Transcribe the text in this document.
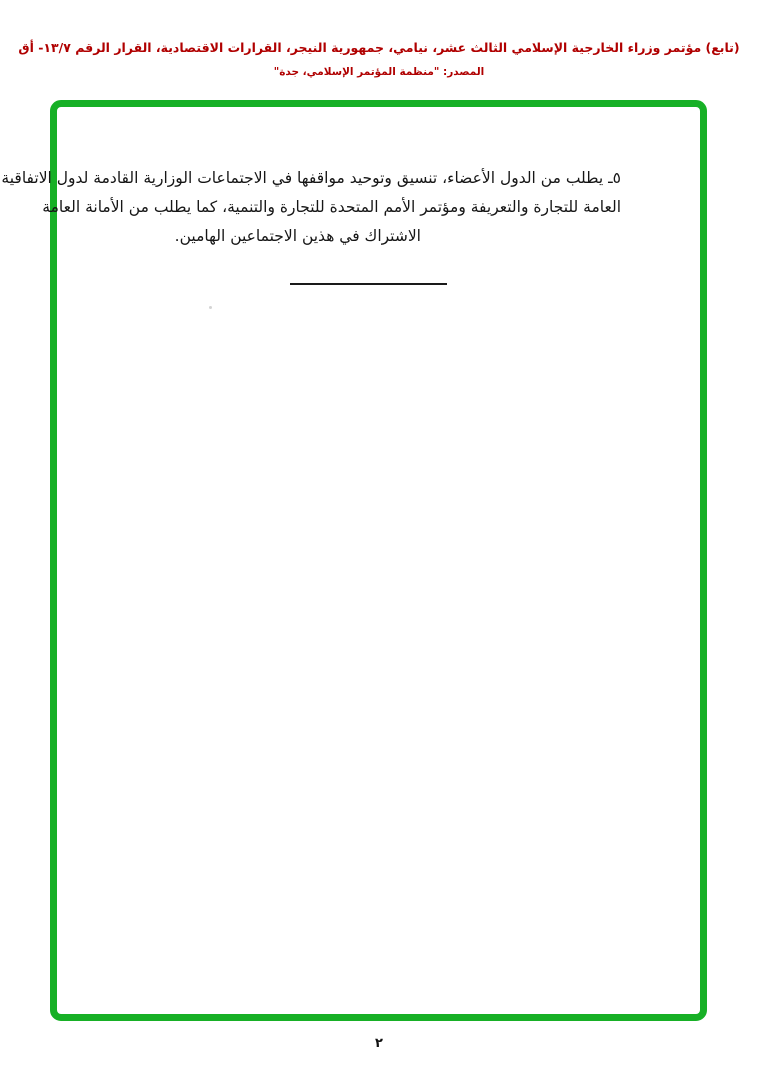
(تابع) مؤتمر وزراء الخارجية الإسلامي الثالث عشر، نيامي، جمهورية النيجر، القرارات الاقتصادية، القرار الرقم ١٣/٧- أق
المصدر: "منظمة المؤتمر الإسلامي، جدة"
٥ـ يطلب من الدول الأعضاء، تنسيق وتوحيد مواقفها في الاجتماعات الوزارية القادمة لدول الاتفاقية
العامة للتجارة والتعريفة ومؤتمر الأمم المتحدة للتجارة والتنمية، كما يطلب من الأمانة العامة
الاشتراك في هذين الاجتماعين الهامين.
٢
